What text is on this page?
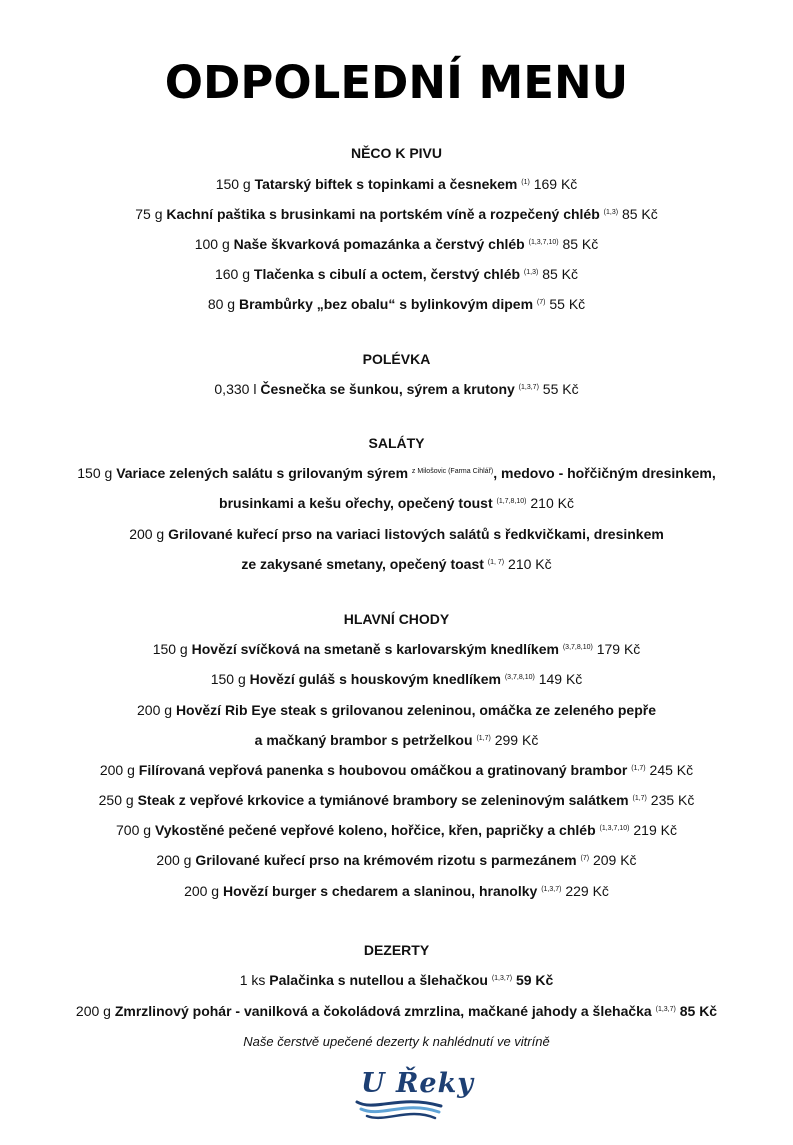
ODPOLEDNÍ MENU
NĚCO K PIVU
150 g Tatarský biftek s topinkami a česnekem $^{(1)}$ 169 Kč
75 g Kachní paštika s brusinkami na portském víně a rozpečený chléb $^{(1,3)}$ 85 Kč
100 g Naše škvarková pomazánka a čerstvý chléb $^{(1,3,7,10)}$ 85 Kč
160 g Tlačenka s cibulí a octem, čerstvý chléb $^{(1,3)}$ 85 Kč
80 g Brambůrky „bez obalu“ s bylinkovým dipem $^{(7)}$ 55 Kč
POLÉVKA
0,330 l Česnečka se šunkou, sýrem a krutony $^{(1,3,7)}$ 55 Kč
SALÁTY
150 g Variace zelených salátu s grilovaným sýrem $^{z Milošovic (Farma Cihlář)}$, medovo - hořčičným dresinkem,
brusinkami a kešu ořechy, opečený toust $^{(1,7,8,10)}$ 210 Kč
200 g Grilované kuřecí prso na variaci listových salátů s ředkvičkami, dresinkem
ze zakysané smetany, opečený toast $^{(1, 7)}$ 210 Kč
HLAVNÍ CHODY
150 g Hovězí svíčková na smetaně s karlovarským knedlíkem $^{(3,7,8,10)}$ 179 Kč
150 g Hovězí guláš s houskovým knedlíkem $^{(3,7,8,10)}$ 149 Kč
200 g Hovězí Rib Eye steak s grilovanou zeleninou, omáčka ze zeleného pepře
a mačkaný brambor s petrželkou $^{(1,7)}$ 299 Kč
200 g Filírovaná vepřová panenka s houbovou omáčkou a gratinovaný brambor $^{(1,7)}$ 245 Kč
250 g Steak z vepřové krkovice a tymiánové brambory se zeleninovým salátkem $^{(1,7)}$ 235 Kč
700 g Vykostěné pečené vepřové koleno, hořčice, křen, papričky a chléb $^{(1,3,7,10)}$ 219 Kč
200 g Grilované kuřecí prso na krémovém rizotu s parmezánem $^{(7)}$ 209 Kč
200 g Hovězí burger s chedarem a slaninou, hranolky $^{(1,3,7)}$ 229 Kč
DEZERTY
1 ks Palačinka s nutellou a šlehačkou $^{(1,3,7)}$ 59 Kč
200 g Zmrzlinový pohár - vanilková a čokoládová zmrzlina, mačkané jahody a šlehačka $^{(1,3,7)}$ 85 Kč
Naše čerstvě upečené dezerty k nahlédnutí ve vitríně
U Řeky
